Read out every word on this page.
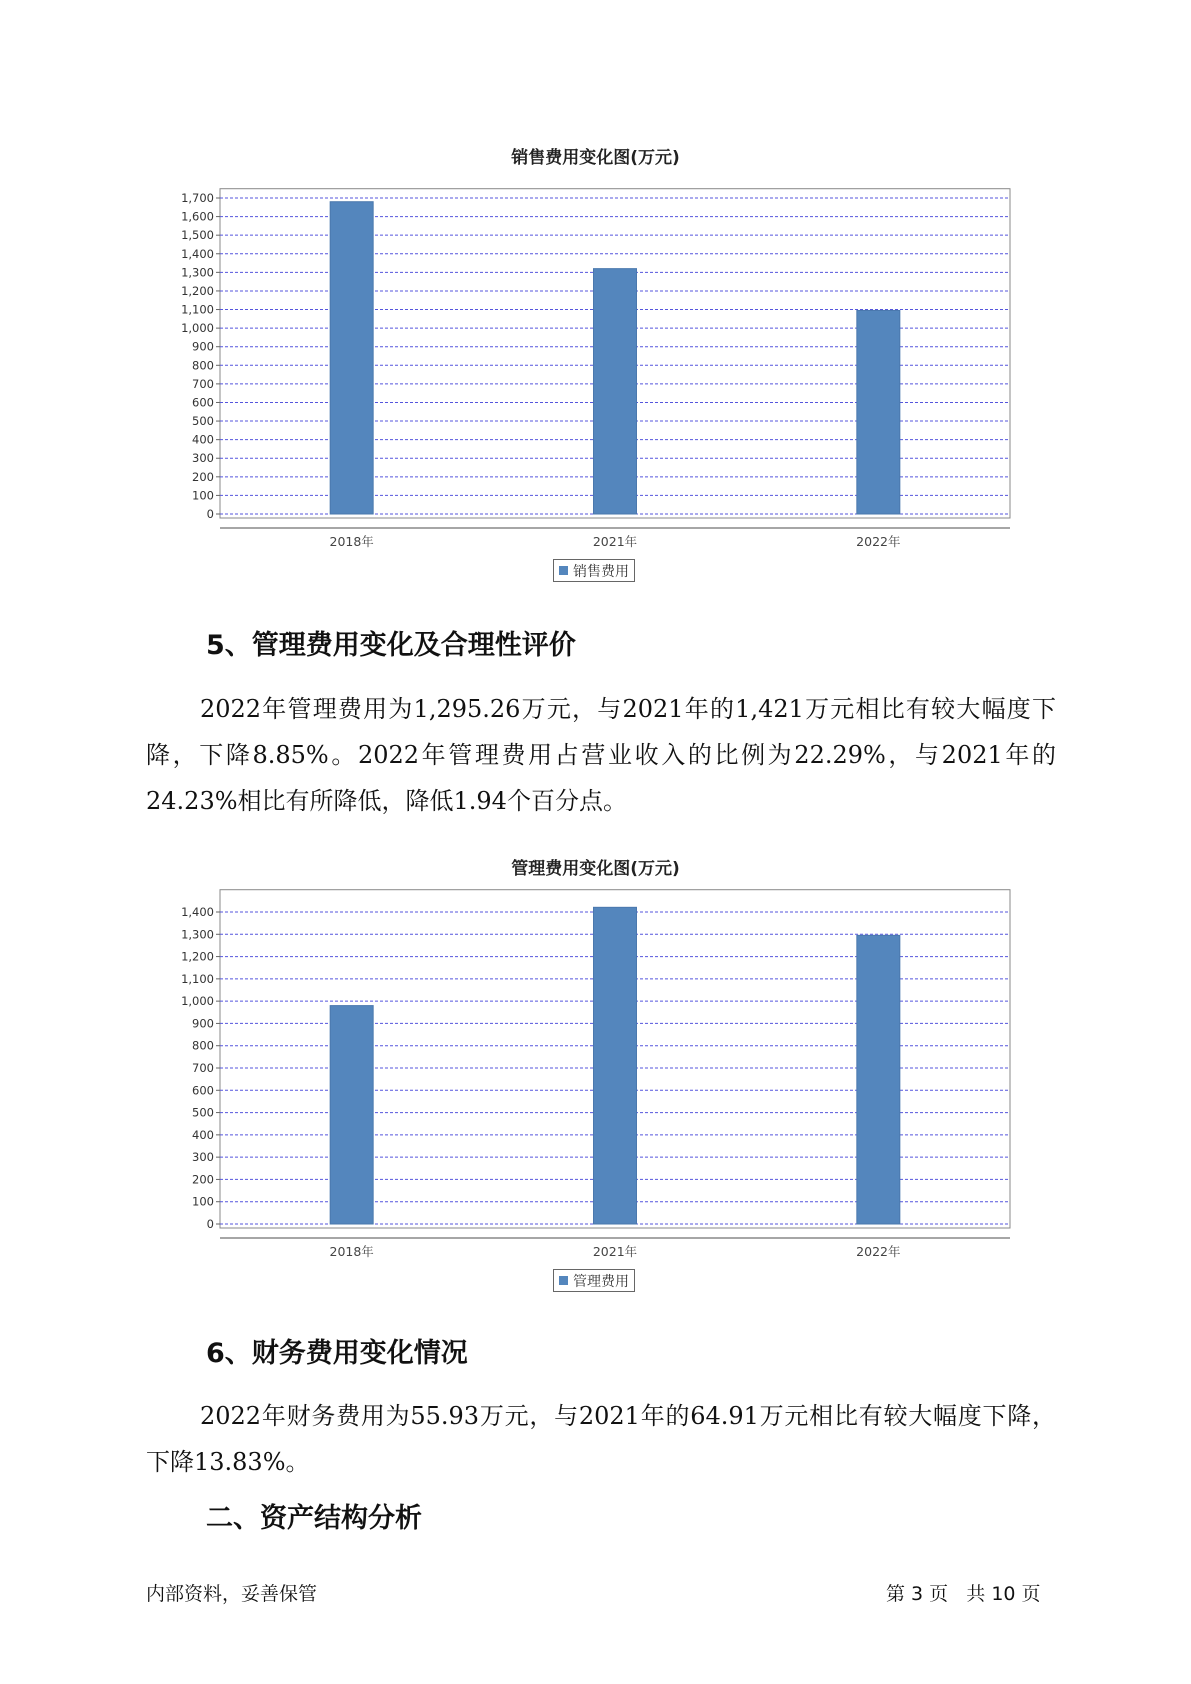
销售费用变化图(万元)
0
100
200
300
400
500
600
700
800
900
1,000
1,100
1,200
1,300
1,400
1,500
1,600
1,700
2018年	2021年	2022年
销售费用
5、管理费用变化及合理性评价

2022年管理费用为1,295.26万元，与2021年的1,421万元相比有较大幅度下降，下降8.85%。2022年管理费用占营业收入的比例为22.29%，与2021年的24.23%相比有所降低，降低1.94个百分点。

管理费用变化图(万元)
0
100
200
300
400
500
600
700
800
900
1,000
1,100
1,200
1,300
1,400
2018年	2021年	2022年
管理费用
6、财务费用变化情况

2022年财务费用为55.93万元，与2021年的64.91万元相比有较大幅度下降，下降13.83%。

二、资产结构分析
内部资料，妥善保管	第 3 页   共 10 页
